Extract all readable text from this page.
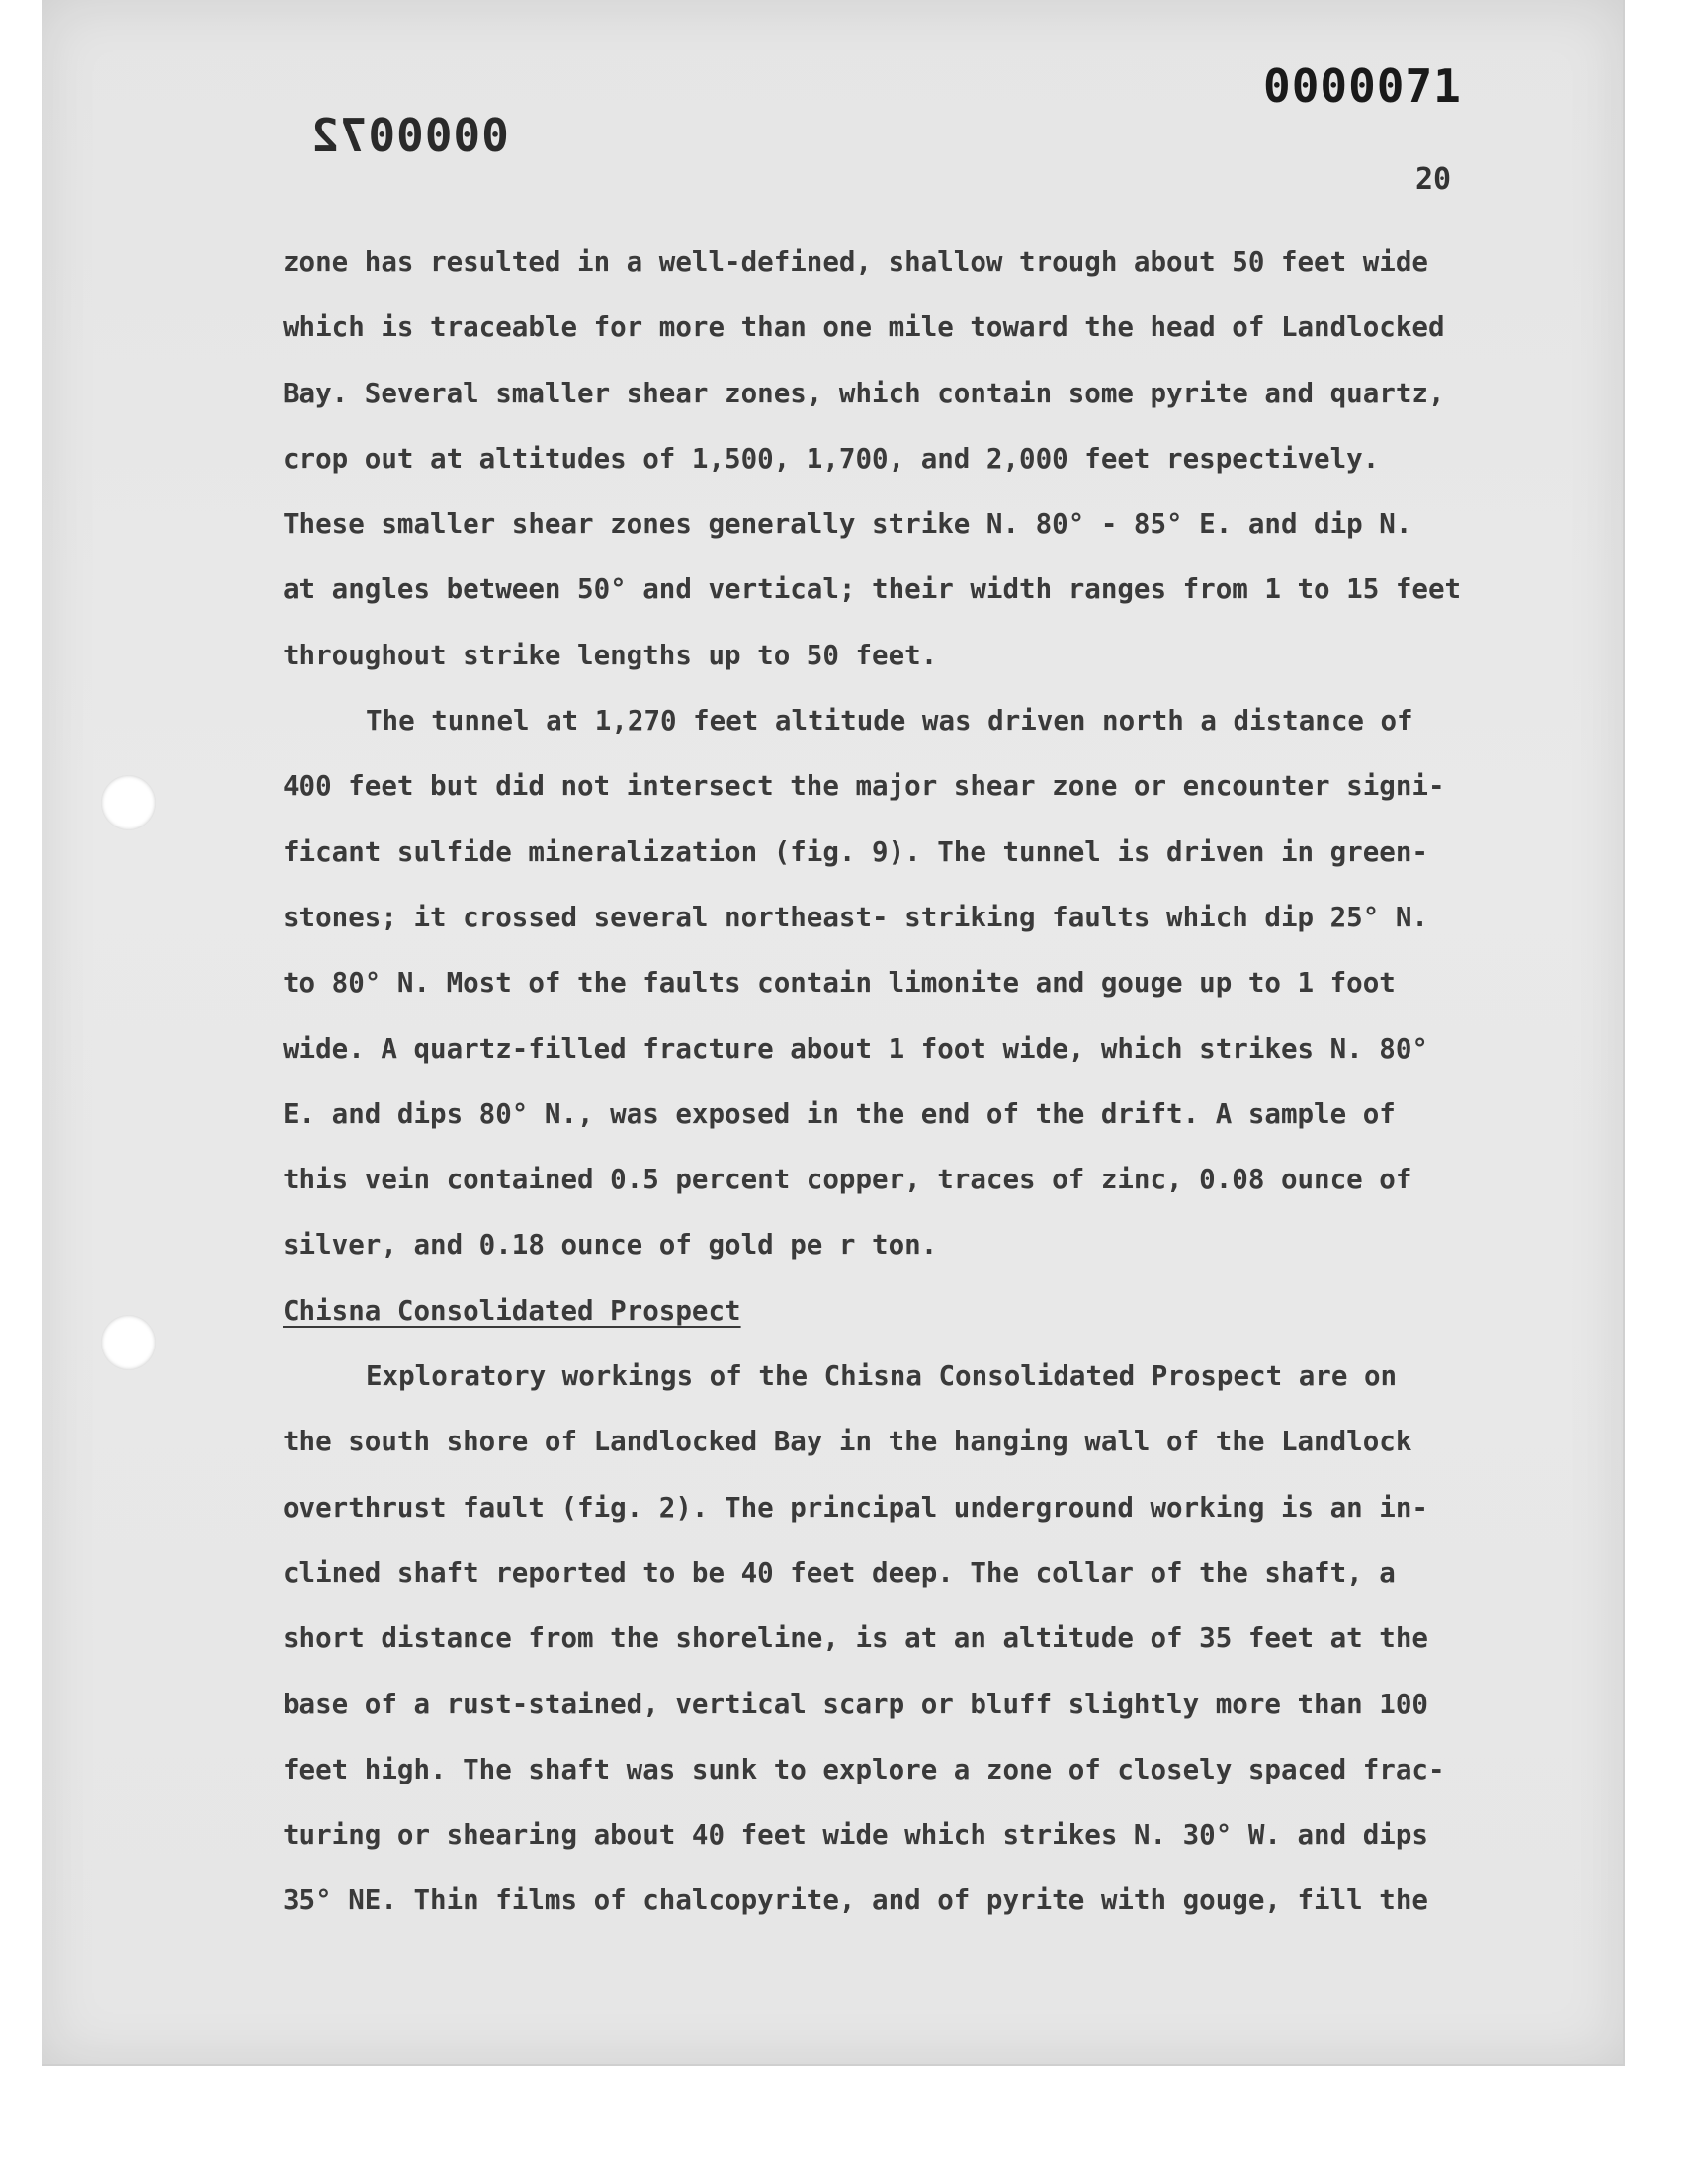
0000071
0000072
20
zone has resulted in a well-defined, shallow trough about 50 feet wide
which is traceable for more than one mile toward the head of Landlocked
Bay. Several smaller shear zones, which contain some pyrite and quartz,
crop out at altitudes of 1,500, 1,700, and 2,000 feet respectively.
These smaller shear zones generally strike N. 80° - 85° E. and dip N.
at angles between 50° and vertical; their width ranges from 1 to 15 feet
throughout strike lengths up to 50 feet.
The tunnel at 1,270 feet altitude was driven north a distance of
400 feet but did not intersect the major shear zone or encounter signi-
ficant sulfide mineralization (fig. 9). The tunnel is driven in green-
stones; it crossed several northeast- striking faults which dip 25° N.
to 80° N. Most of the faults contain limonite and gouge up to 1 foot
wide. A quartz-filled fracture about 1 foot wide, which strikes N. 80°
E. and dips 80° N., was exposed in the end of the drift. A sample of
this vein contained 0.5 percent copper, traces of zinc, 0.08 ounce of
silver, and 0.18 ounce of gold pe r ton.
Chisna Consolidated Prospect
Exploratory workings of the Chisna Consolidated Prospect are on
the south shore of Landlocked Bay in the hanging wall of the Landlock
overthrust fault (fig. 2). The principal underground working is an in-
clined shaft reported to be 40 feet deep. The collar of the shaft, a
short distance from the shoreline, is at an altitude of 35 feet at the
base of a rust-stained, vertical scarp or bluff slightly more than 100
feet high. The shaft was sunk to explore a zone of closely spaced frac-
turing or shearing about 40 feet wide which strikes N. 30° W. and dips
35° NE. Thin films of chalcopyrite, and of pyrite with gouge, fill the
